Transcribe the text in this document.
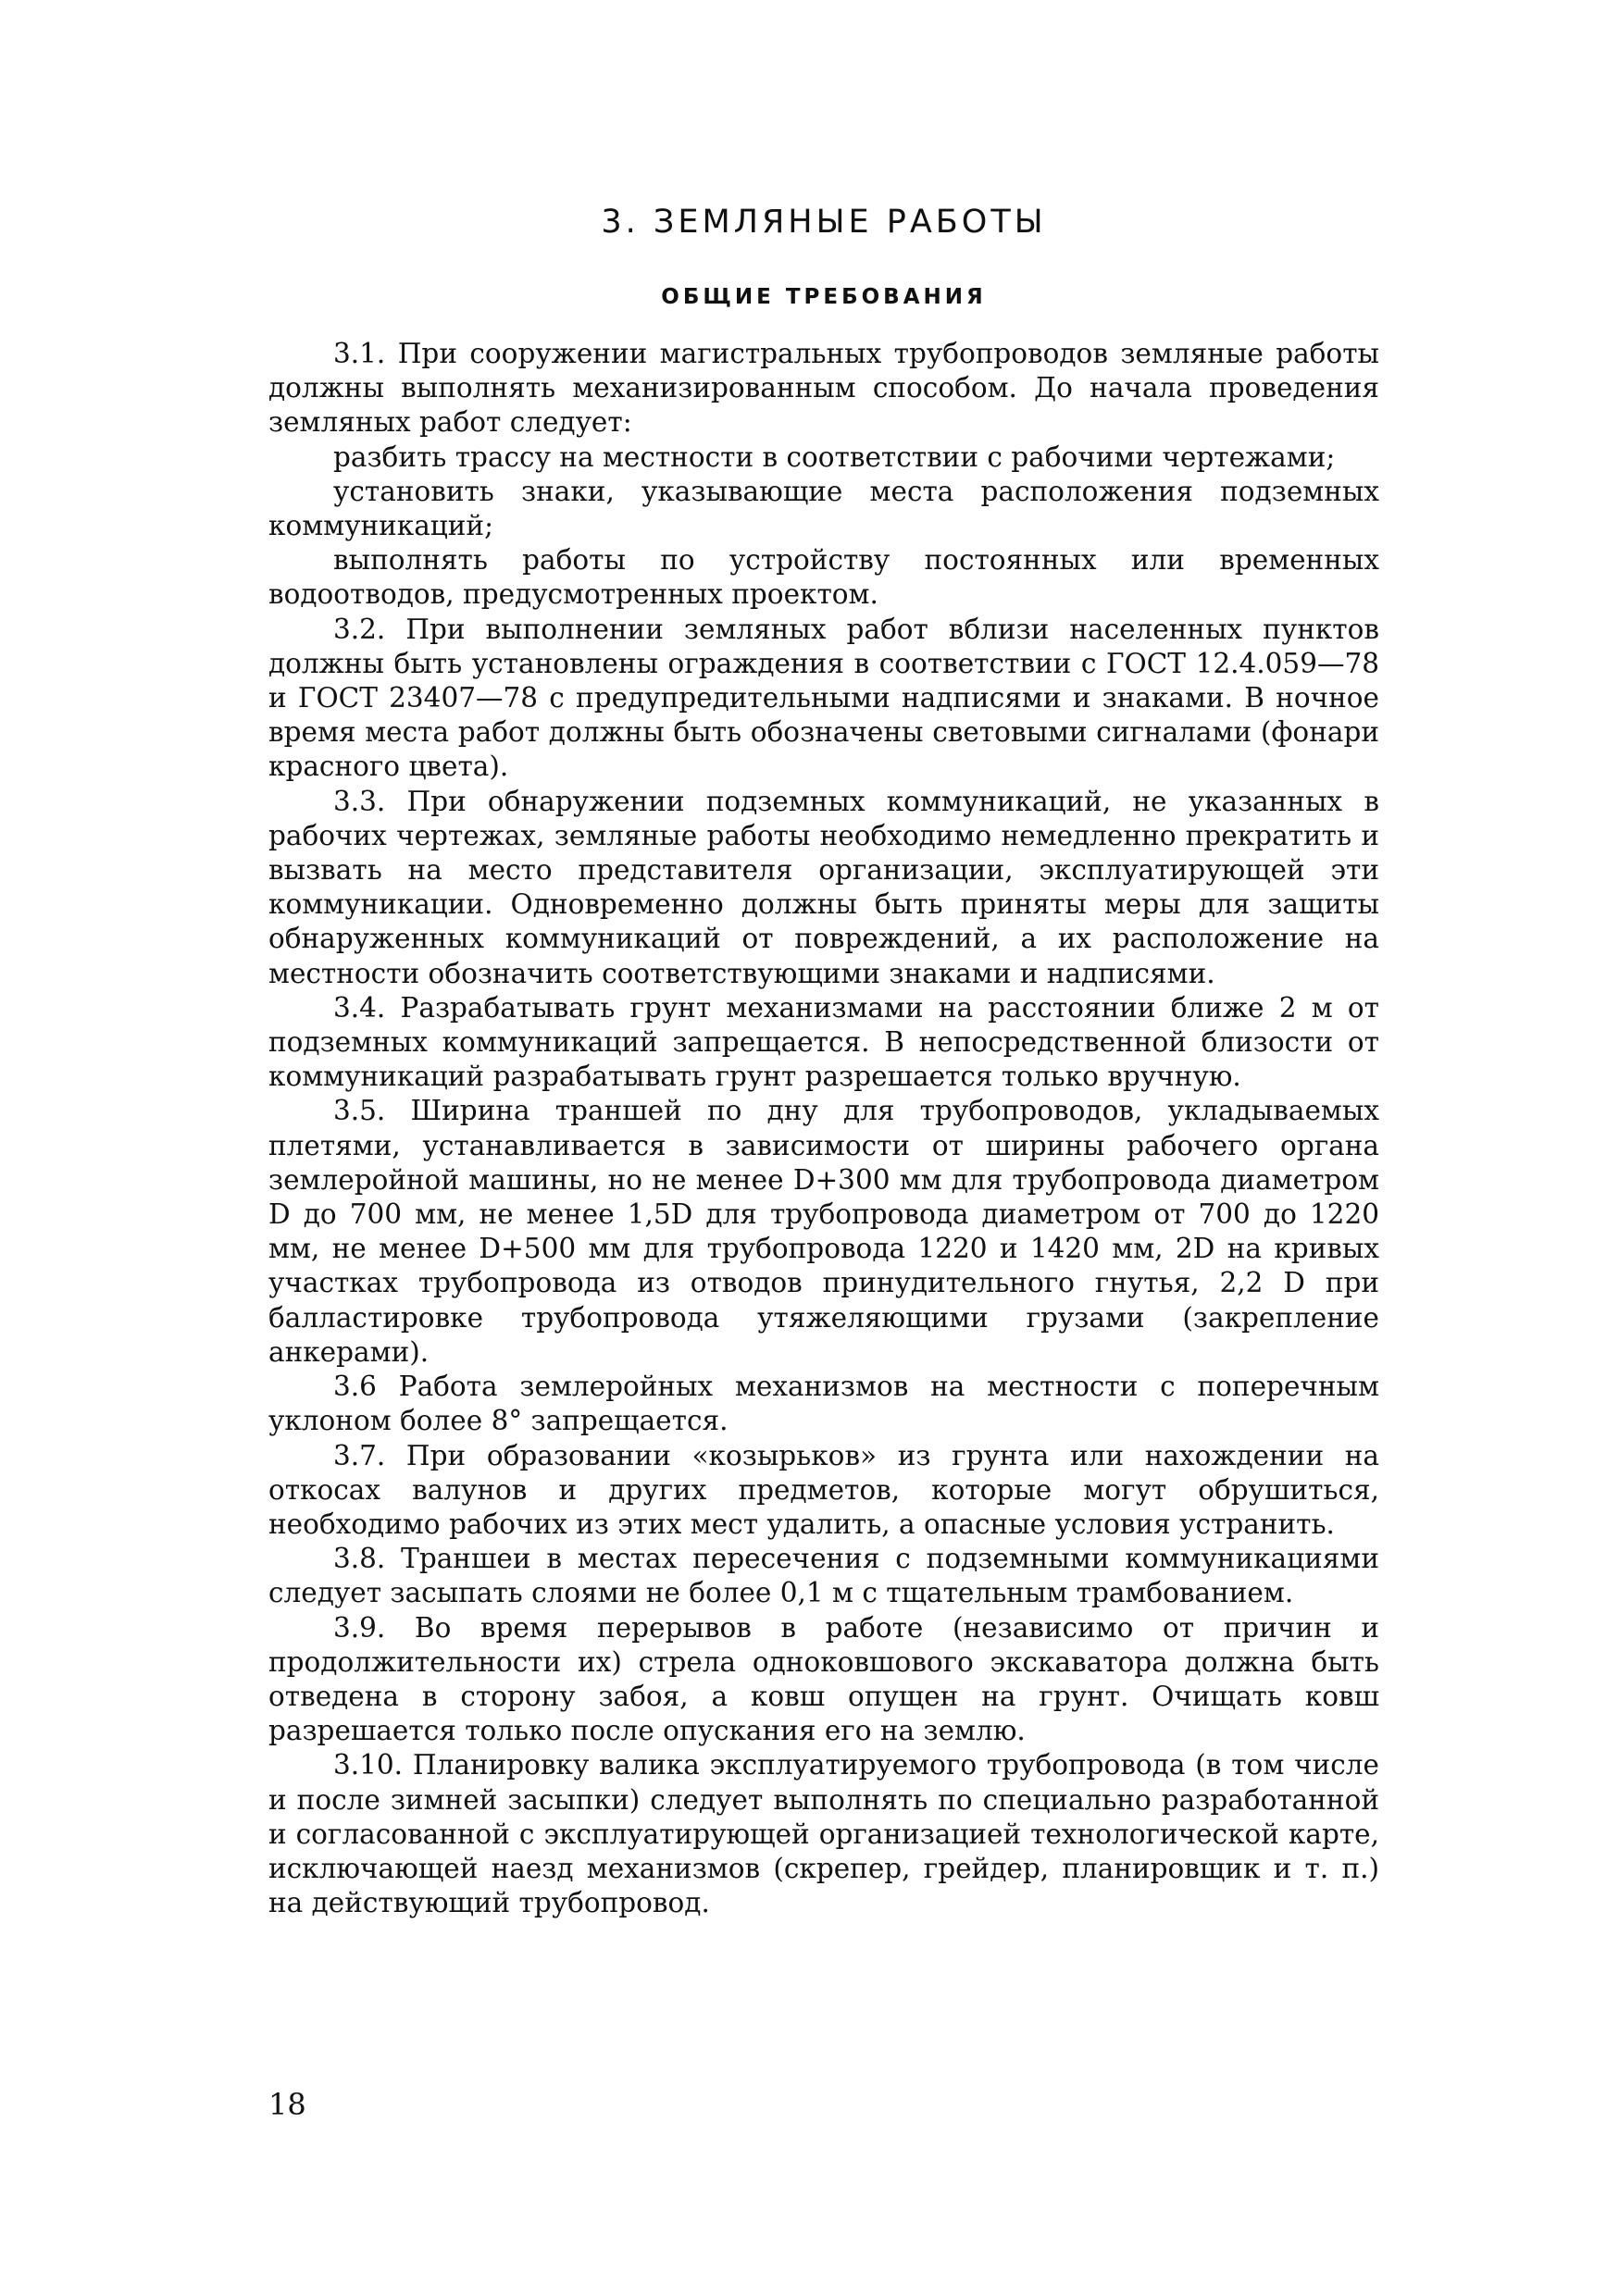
3. ЗЕМЛЯНЫЕ РАБОТЫ
ОБЩИЕ ТРЕБОВАНИЯ

3.1. При сооружении магистральных трубопроводов земляные работы должны выполнять механизированным способом. До начала проведения земляных работ следует:

разбить трассу на местности в соответствии с рабочими чертежами;

установить знаки, указывающие места расположения подземных коммуникаций;

выполнять работы по устройству постоянных или временных водоотводов, предусмотренных проектом.

3.2. При выполнении земляных работ вблизи населенных пунктов должны быть установлены ограждения в соответствии с ГОСТ 12.4.059—78 и ГОСТ 23407—78 с предупредительными надписями и знаками. В ночное время места работ должны быть обозначены световыми сигналами (фонари красного цвета).

3.3. При обнаружении подземных коммуникаций, не указанных в рабочих чертежах, земляные работы необходимо немедленно прекратить и вызвать на место представителя организации, эксплуатирующей эти коммуникации. Одновременно должны быть приняты меры для защиты обнаруженных коммуникаций от повреждений, а их расположение на местности обозначить соответствующими знаками и надписями.

3.4. Разрабатывать грунт механизмами на расстоянии ближе 2 м от подземных коммуникаций запрещается. В непосредственной близости от коммуникаций разрабатывать грунт разрешается только вручную.

3.5. Ширина траншей по дну для трубопроводов, укладываемых плетями, устанавливается в зависимости от ширины рабочего органа землеройной машины, но не менее D+300 мм для трубопровода диаметром D до 700 мм, не менее 1,5D для трубопровода диаметром от 700 до 1220 мм, не менее D+500 мм для трубопровода 1220 и 1420 мм, 2D на кривых участках трубопровода из отводов принудительного гнутья, 2,2 D при балластировке трубопровода утяжеляющими грузами (закрепление анкерами).

3.6 Работа землеройных механизмов на местности с поперечным уклоном более 8° запрещается.

3.7. При образовании «козырьков» из грунта или нахождении на откосах валунов и других предметов, которые могут обрушиться, необходимо рабочих из этих мест удалить, а опасные условия устранить.

3.8. Траншеи в местах пересечения с подземными коммуникациями следует засыпать слоями не более 0,1 м с тщательным трамбованием.

3.9. Во время перерывов в работе (независимо от причин и продолжительности их) стрела одноковшового экскаватора должна быть отведена в сторону забоя, а ковш опущен на грунт. Очищать ковш разрешается только после опускания его на землю.

3.10. Планировку валика эксплуатируемого трубопровода (в том числе и после зимней засыпки) следует выполнять по специально разработанной и согласованной с эксплуатирующей организацией технологической карте, исключающей наезд механизмов (скрепер, грейдер, планировщик и т. п.) на действующий трубопровод.

18
